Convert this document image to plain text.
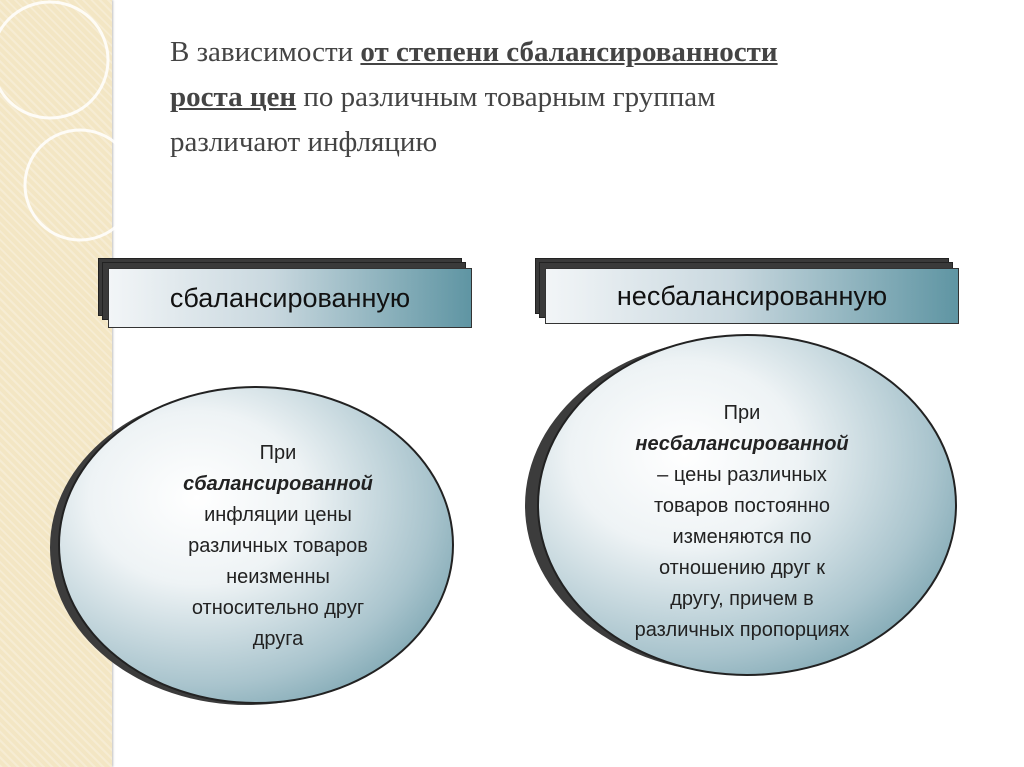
В зависимости от степени сбалансированности
роста цен по различным товарным группам
различают инфляцию
сбалансированную	несбалансированную
При
сбалансированной
инфляции цены
различных товаров
неизменны
относительно друг
друга
При
несбалансированной
– цены различных
товаров постоянно
изменяются по
отношению друг к
другу, причем в
различных пропорциях
